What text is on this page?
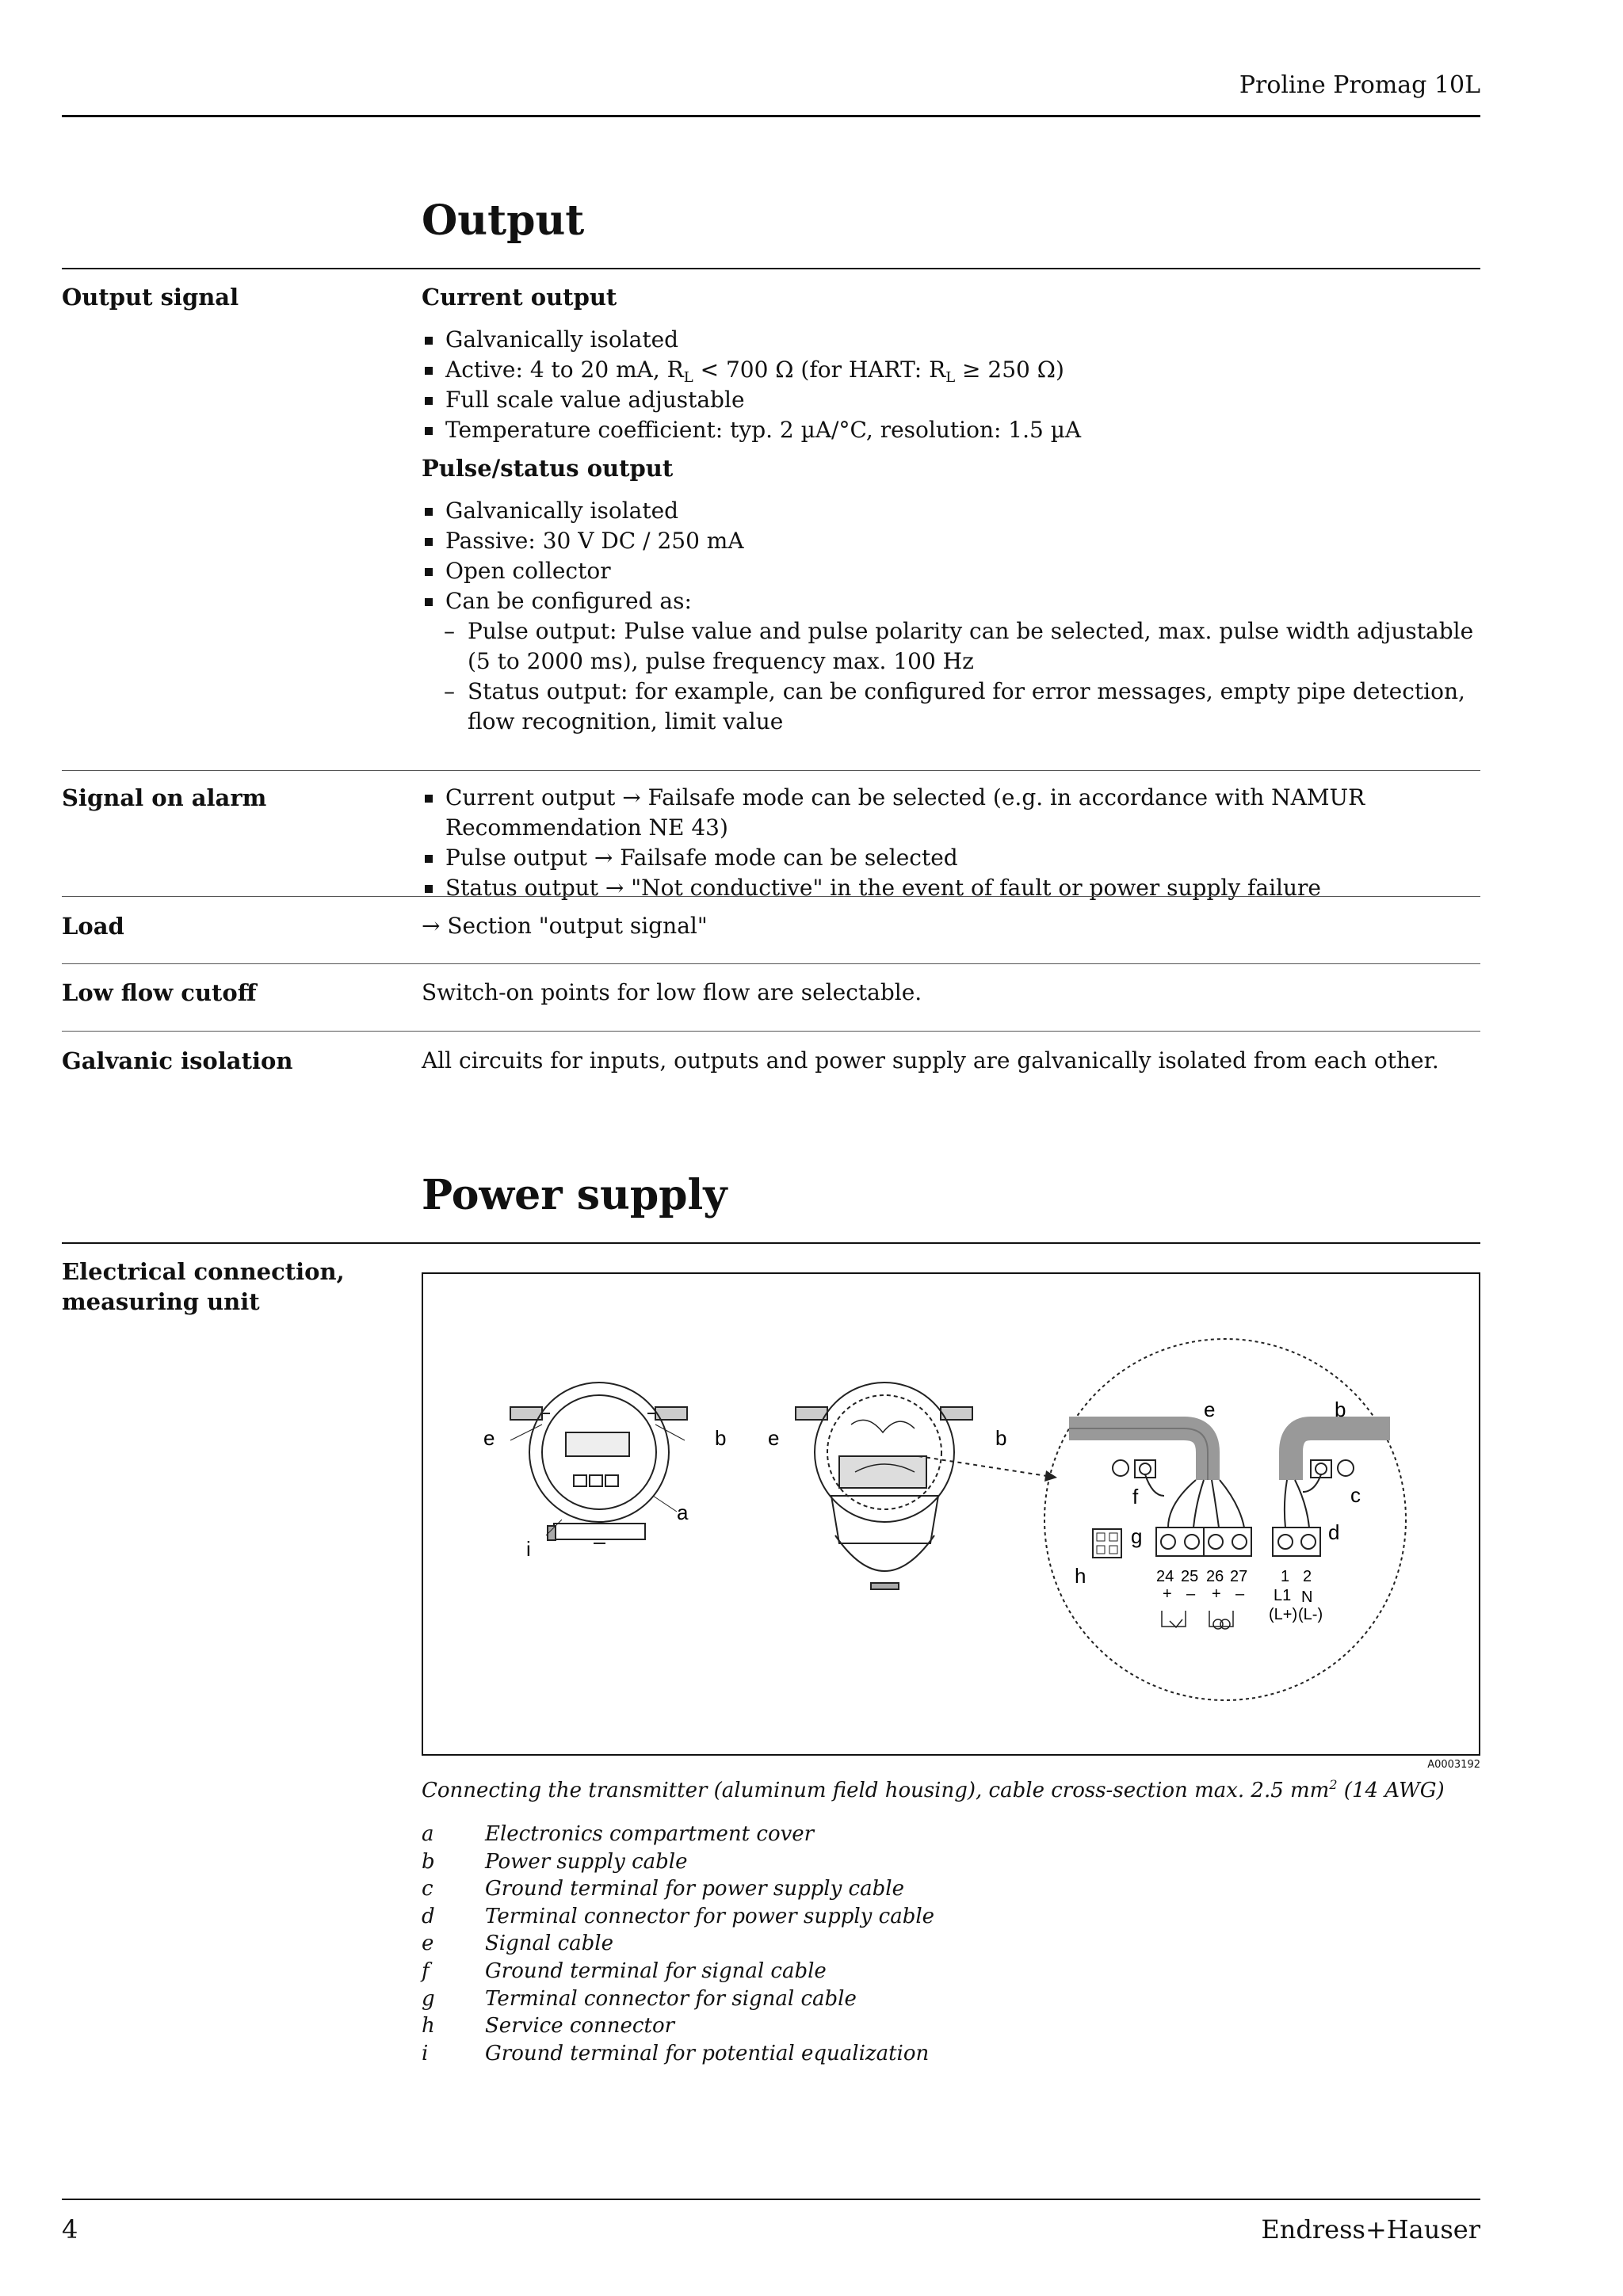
Proline Promag 10L
Output
Output signal	Current output
Galvanically isolated
Active: 4 to 20 mA, $R_L < 700$ Ω (for HART: $R_L \ge 250$ Ω)
Full scale value adjustable
Temperature coefficient: typ. 2 µA/°C, resolution: 1.5 µA
Pulse/status output
Galvanically isolated
Passive: 30 V DC / 250 mA
Open collector
Can be configured as:
– Pulse output: Pulse value and pulse polarity can be selected, max. pulse width adjustable (5 to 2000 ms), pulse frequency max. 100 Hz
– Status output: for example, can be configured for error messages, empty pipe detection, flow recognition, limit value
Signal on alarm	Current output → Failsafe mode can be selected (e.g. in accordance with NAMUR Recommendation NE 43)
Pulse output → Failsafe mode can be selected
Status output → "Not conductive" in the event of fault or power supply failure
Load	→ Section "output signal"
Low flow cutoff	Switch-on points for low flow are selectable.
Galvanic isolation	All circuits for inputs, outputs and power supply are galvanically isolated from each other.
Power supply
Electrical connection,
measuring unit
e	b
a
i
e	b
e	b
f	c
g	d
h	24 25 26 27 1 2
+ – + – L1 N
(L+) (L-)
A0003192
Connecting the transmitter (aluminum field housing), cable cross-section max. 2.5 $mm^2$ (14 AWG)
a	Electronics compartment cover
b	Power supply cable
c	Ground terminal for power supply cable
d	Terminal connector for power supply cable
e	Signal cable
f	Ground terminal for signal cable
g	Terminal connector for signal cable
h	Service connector
i	Ground terminal for potential equalization
4	Endress+Hauser
